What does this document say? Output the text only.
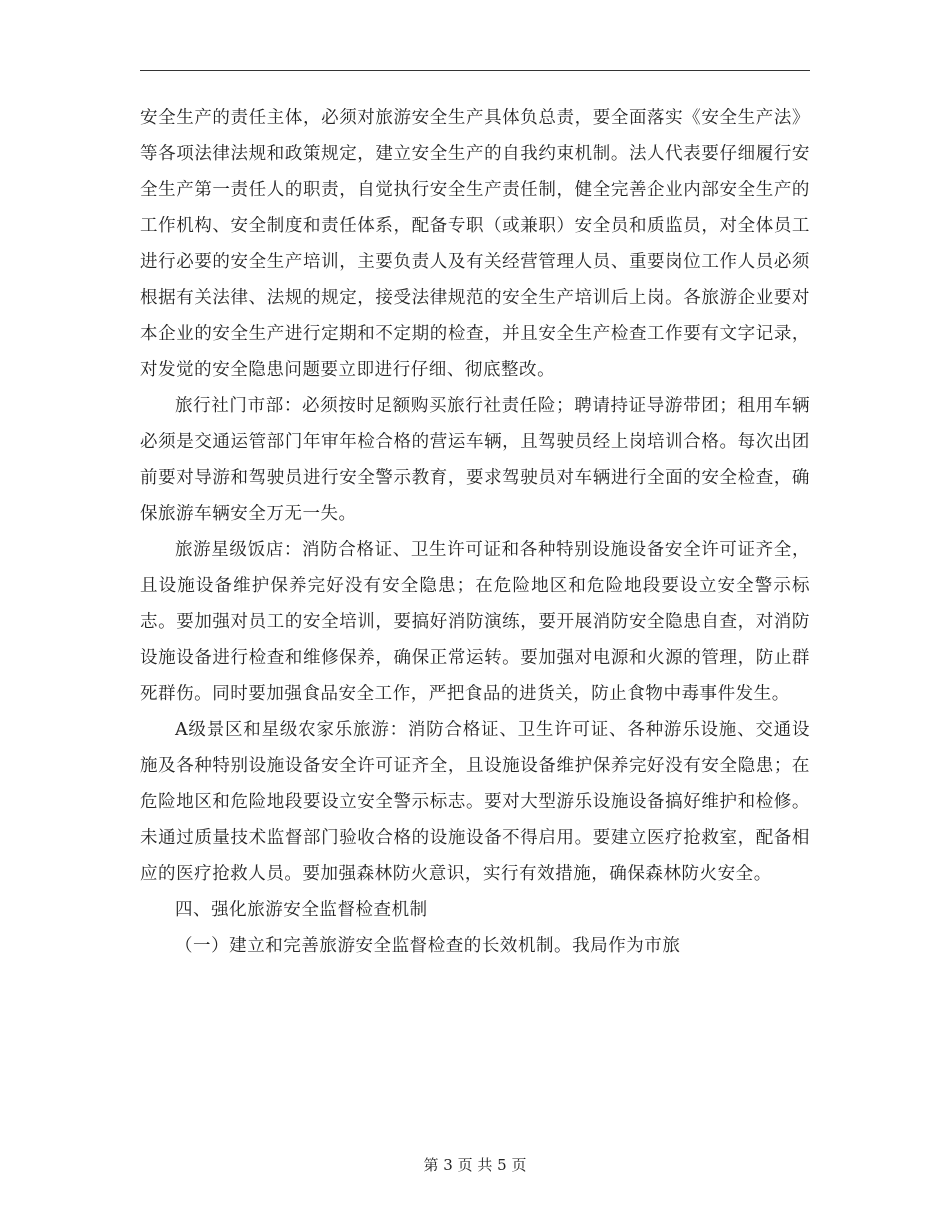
安全生产的责任主体，必须对旅游安全生产具体负总责，要全面落实《安全生产法》等各项法律法规和政策规定，建立安全生产的自我约束机制。法人代表要仔细履行安全生产第一责任人的职责，自觉执行安全生产责任制，健全完善企业内部安全生产的工作机构、安全制度和责任体系，配备专职（或兼职）安全员和质监员，对全体员工进行必要的安全生产培训，主要负责人及有关经营管理人员、重要岗位工作人员必须根据有关法律、法规的规定，接受法律规范的安全生产培训后上岗。各旅游企业要对本企业的安全生产进行定期和不定期的检查，并且安全生产检查工作要有文字记录，对发觉的安全隐患问题要立即进行仔细、彻底整改。

旅行社门市部：必须按时足额购买旅行社责任险；聘请持证导游带团；租用车辆必须是交通运管部门年审年检合格的营运车辆，且驾驶员经上岗培训合格。每次出团前要对导游和驾驶员进行安全警示教育，要求驾驶员对车辆进行全面的安全检查，确保旅游车辆安全万无一失。

旅游星级饭店：消防合格证、卫生许可证和各种特别设施设备安全许可证齐全，且设施设备维护保养完好没有安全隐患；在危险地区和危险地段要设立安全警示标志。要加强对员工的安全培训，要搞好消防演练，要开展消防安全隐患自查，对消防设施设备进行检查和维修保养，确保正常运转。要加强对电源和火源的管理，防止群死群伤。同时要加强食品安全工作，严把食品的进货关，防止食物中毒事件发生。

A级景区和星级农家乐旅游：消防合格证、卫生许可证、各种游乐设施、交通设施及各种特别设施设备安全许可证齐全，且设施设备维护保养完好没有安全隐患；在危险地区和危险地段要设立安全警示标志。要对大型游乐设施设备搞好维护和检修。未通过质量技术监督部门验收合格的设施设备不得启用。要建立医疗抢救室，配备相应的医疗抢救人员。要加强森林防火意识，实行有效措施，确保森林防火安全。

四、强化旅游安全监督检查机制

（一）建立和完善旅游安全监督检查的长效机制。我局作为市旅

第 3 页 共 5 页
